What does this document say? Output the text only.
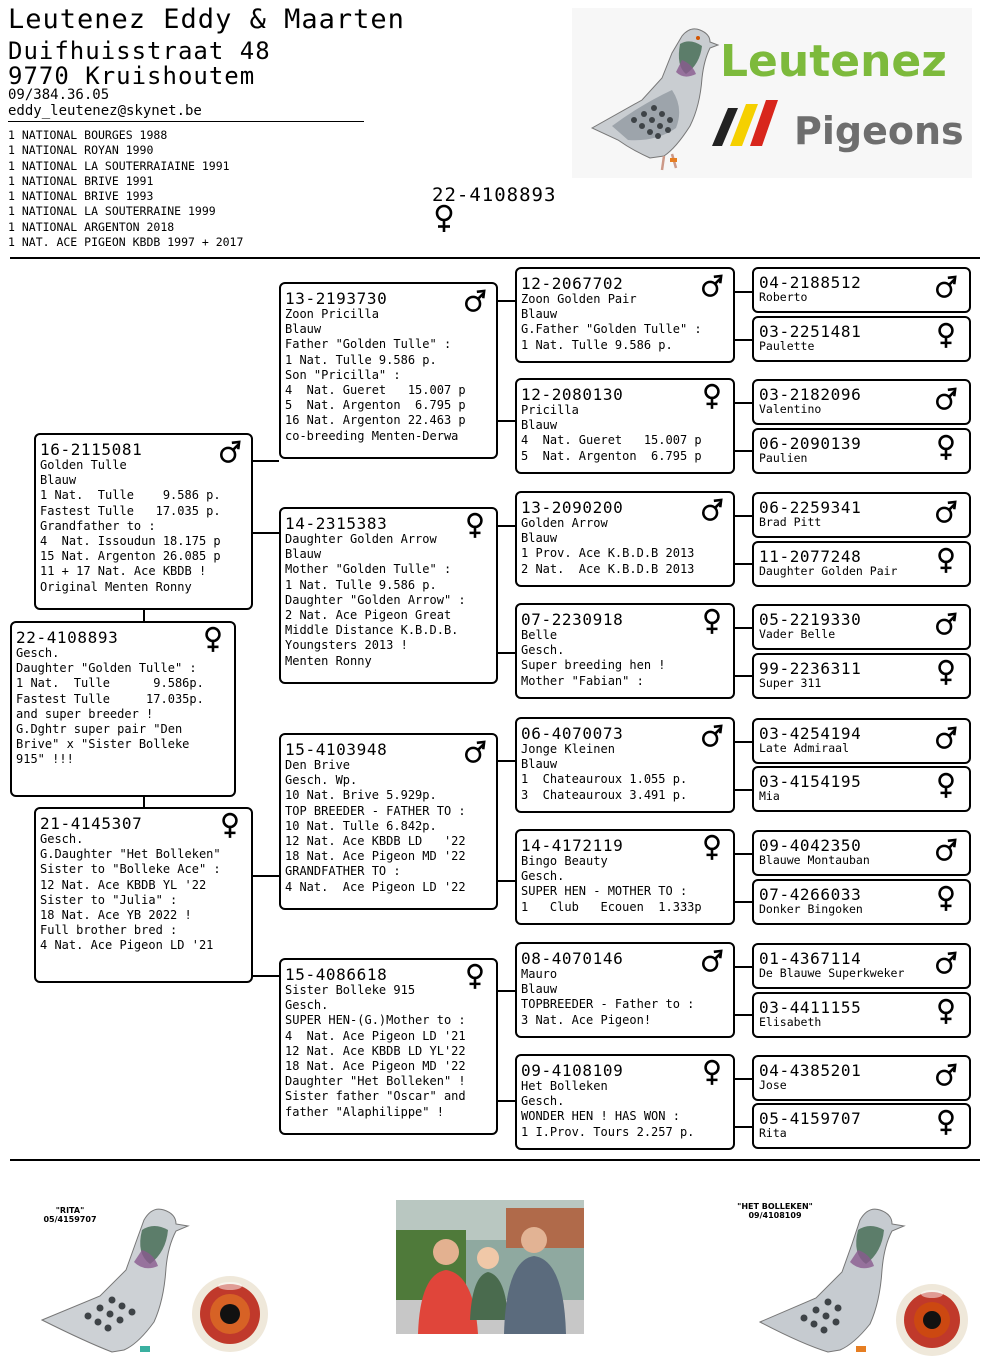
Leutenez Eddy & Maarten
Duifhuisstraat 48
9770 Kruishoutem
09/384.36.05
eddy_leutenez@skynet.be
1 NATIONAL BOURGES 1988
1 NATIONAL ROYAN 1990
1 NATIONAL LA SOUTERRAIAINE 1991
1 NATIONAL BRIVE 1991
1 NATIONAL BRIVE 1993
1 NATIONAL LA SOUTERRAINE 1999
1 NATIONAL ARGENTON 2018
1 NAT. ACE PIGEON KBDB 1997 + 2017
22-4108893
Leutenez
Pigeons
16-2115081
Golden Tulle
Blauw
1 Nat.  Tulle    9.586 p.
Fastest Tulle   17.035 p.
Grandfather to :
4  Nat. Issoudun 18.175 p
15 Nat. Argenton 26.085 p
11 + 17 Nat. Ace KBDB !
Original Menten Ronny
22-4108893
Gesch.
Daughter "Golden Tulle" :
1 Nat.  Tulle      9.586p.
Fastest Tulle     17.035p.
and super breeder !
G.Dghtr super pair "Den
Brive" x "Sister Bolleke
915" !!!
21-4145307
Gesch.
G.Daughter "Het Bolleken"
Sister to "Bolleke Ace" :
12 Nat. Ace KBDB YL '22
Sister to "Julia" :
18 Nat. Ace YB 2022 !
Full brother bred :
4 Nat. Ace Pigeon LD '21
13-2193730
Zoon Pricilla
Blauw
Father "Golden Tulle" :
1 Nat. Tulle 9.586 p.
Son "Pricilla" :
4  Nat. Gueret   15.007 p
5  Nat. Argenton  6.795 p
16 Nat. Argenton 22.463 p
co-breeding Menten-Derwa
14-2315383
Daughter Golden Arrow
Blauw
Mother "Golden Tulle" :
1 Nat. Tulle 9.586 p.
Daughter "Golden Arrow" :
2 Nat. Ace Pigeon Great
Middle Distance K.B.D.B.
Youngsters 2013 !
Menten Ronny
15-4103948
Den Brive
Gesch. Wp.
10 Nat. Brive 5.929p.
TOP BREEDER - FATHER TO :
10 Nat. Tulle 6.842p.
12 Nat. Ace KBDB LD   '22
18 Nat. Ace Pigeon MD '22
GRANDFATHER TO :
4 Nat.  Ace Pigeon LD '22
15-4086618
Sister Bolleke 915
Gesch.
SUPER HEN-(G.)Mother to :
4  Nat. Ace Pigeon LD '21
12 Nat. Ace KBDB LD YL'22
18 Nat. Ace Pigeon MD '22
Daughter "Het Bolleken" !
Sister father "Oscar" and
father "Alaphilippe" !
12-2067702
Zoon Golden Pair
Blauw
G.Father "Golden Tulle" :
1 Nat. Tulle 9.586 p.
12-2080130
Pricilla
Blauw
4  Nat. Gueret   15.007 p
5  Nat. Argenton  6.795 p
13-2090200
Golden Arrow
Blauw
1 Prov. Ace K.B.D.B 2013
2 Nat.  Ace K.B.D.B 2013
07-2230918
Belle
Gesch.
Super breeding hen !
Mother "Fabian" :
06-4070073
Jonge Kleinen
Blauw
1  Chateauroux 1.055 p.
3  Chateauroux 3.491 p.
14-4172119
Bingo Beauty
Gesch.
SUPER HEN - MOTHER TO :
1   Club   Ecouen  1.333p
08-4070146
Mauro
Blauw
TOPBREEDER - Father to :
3 Nat. Ace Pigeon!
09-4108109
Het Bolleken
Gesch.
WONDER HEN ! HAS WON :
1 I.Prov. Tours 2.257 p.
04-2188512
Roberto
03-2251481
Paulette
03-2182096
Valentino
06-2090139
Paulien
06-2259341
Brad Pitt
11-2077248
Daughter Golden Pair
05-2219330
Vader Belle
99-2236311
Super 311
03-4254194
Late Admiraal
03-4154195
Mia
09-4042350
Blauwe Montauban
07-4266033
Donker Bingoken
01-4367114
De Blauwe Superkweker
03-4411155
Elisabeth
04-4385201
Jose
05-4159707
Rita
"RITA"
05/4159707
"HET BOLLEKEN"
09/4108109
